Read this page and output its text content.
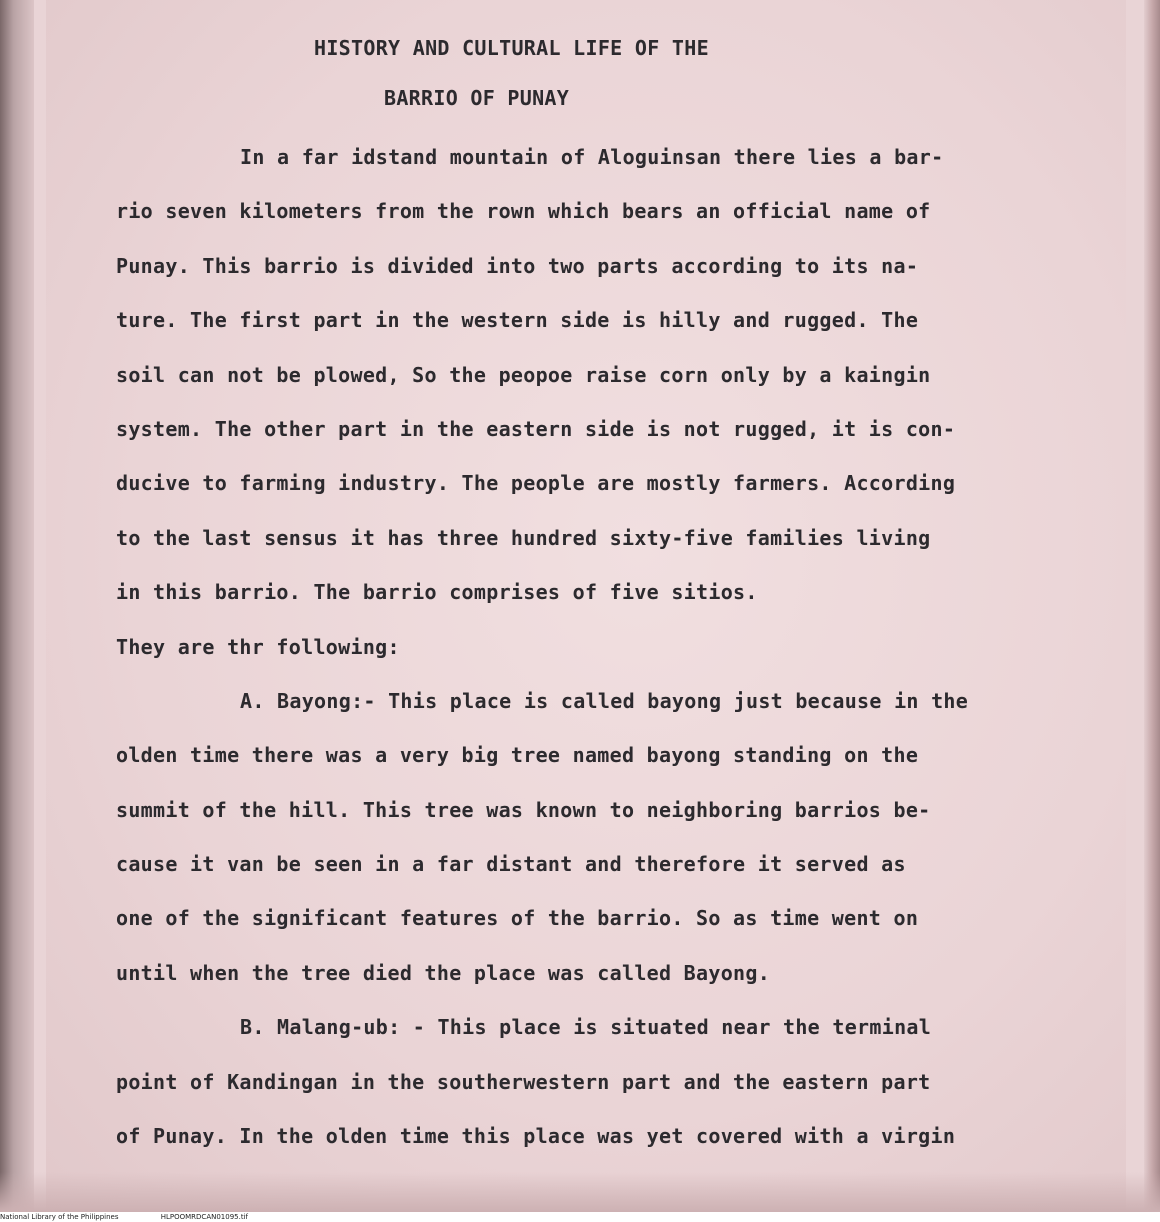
HISTORY AND CULTURAL LIFE OF THE
BARRIO OF PUNAY
In a far idstand mountain of Aloguinsan there lies a bar-
rio seven kilometers from the rown which bears an official name of
Punay. This barrio is divided into two parts according to its na-
ture. The first part in the western side is hilly and rugged. The
soil can not be plowed, So the peopoe raise corn only by a kaingin
system. The other part in the eastern side is not rugged, it is con-
ducive to farming industry. The people are mostly farmers. According
to the last sensus it has three hundred sixty-five families living
in this barrio. The barrio comprises of five sitios.
They are thr following:
A. Bayong:- This place is called bayong just because in the
olden time there was a very big tree named bayong standing on the
summit of the hill. This tree was known to neighboring barrios be-
cause it van be seen in a far distant and therefore it served as
one of the significant features of the barrio. So as time went on
until when the tree died the place was called Bayong.
B. Malang-ub: - This place is situated near the terminal
point of Kandingan in the southerwestern part and the eastern part
of Punay. In the olden time this place was yet covered with a virgin
National Library of the Philippines	HLPOOMRDCAN01095.tif
